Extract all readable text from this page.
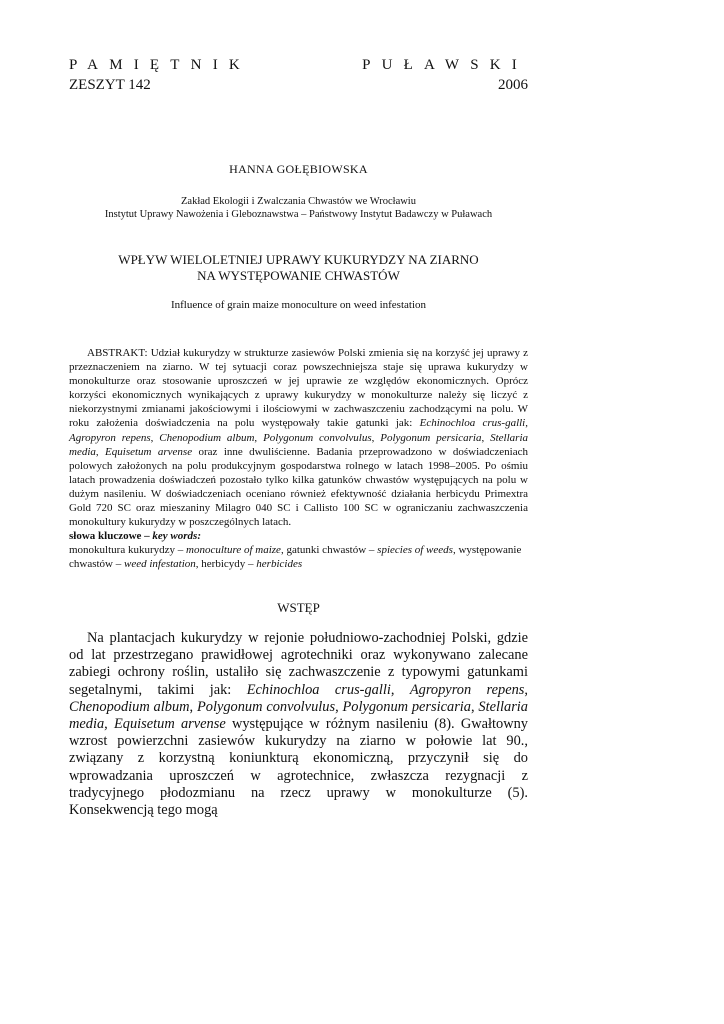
PAMIĘTNIK	PUŁAWSKI
ZESZYT 142	2006
HANNA GOŁĘBIOWSKA
Zakład Ekologii i Zwalczania Chwastów we Wrocławiu
Instytut Uprawy Nawożenia i Gleboznawstwa – Państwowy Instytut Badawczy w Puławach
WPŁYW WIELOLETNIEJ UPRAWY KUKURYDZY NA ZIARNO
NA WYSTĘPOWANIE CHWASTÓW
Influence of grain maize monoculture on weed infestation
ABSTRAKT: Udział kukurydzy w strukturze zasiewów Polski zmienia się na korzyść jej uprawy z przeznaczeniem na ziarno. W tej sytuacji coraz powszechniejsza staje się uprawa kukurydzy w monokulturze oraz stosowanie uproszczeń w jej uprawie ze względów ekonomicznych. Oprócz korzyści ekonomicznych wynikających z uprawy kukurydzy w monokulturze należy się liczyć z niekorzystnymi zmianami jakościowymi i ilościowymi w zachwaszczeniu zachodzącymi na polu. W roku założenia doświadczenia na polu występowały takie gatunki jak: Echinochloa crus-galli, Agropyron repens, Chenopodium album, Polygonum convolvulus, Polygonum persicaria, Stellaria media, Equisetum arvense oraz inne dwuliścienne. Badania przeprowadzono w doświadczeniach polowych założonych na polu produkcyjnym gospodarstwa rolnego w latach 1998–2005. Po ośmiu latach prowadzenia doświadczeń pozostało tylko kilka gatunków chwastów występujących na polu w dużym nasileniu. W doświadczeniach oceniano również efektywność działania herbicydu Primextra Gold 720 SC oraz mieszaniny Milagro 040 SC i Callisto 100 SC w ograniczaniu zachwaszczenia monokultury kukurydzy w poszczególnych latach.
słowa kluczowe – key words:
monokultura kukurydzy – monoculture of maize, gatunki chwastów – spiecies of weeds, występowanie chwastów – weed infestation, herbicydy – herbicides
WSTĘP
Na plantacjach kukurydzy w rejonie południowo-zachodniej Polski, gdzie od lat przestrzegano prawidłowej agrotechniki oraz wykonywano zalecane zabiegi ochrony roślin, ustaliło się zachwaszczenie z typowymi gatunkami segetalnymi, takimi jak: Echinochloa crus-galli, Agropyron repens, Chenopodium album, Polygonum convolvulus, Polygonum persicaria, Stellaria media, Equisetum arvense występujące w różnym nasileniu (8). Gwałtowny wzrost powierzchni zasiewów kukurydzy na ziarno w połowie lat 90., związany z korzystną koniunkturą ekonomiczną, przyczynił się do wprowadzania uproszczeń w agrotechnice, zwłaszcza rezygnacji z tradycyjnego płodozmianu na rzecz uprawy w monokulturze (5). Konsekwencją tego mogą
